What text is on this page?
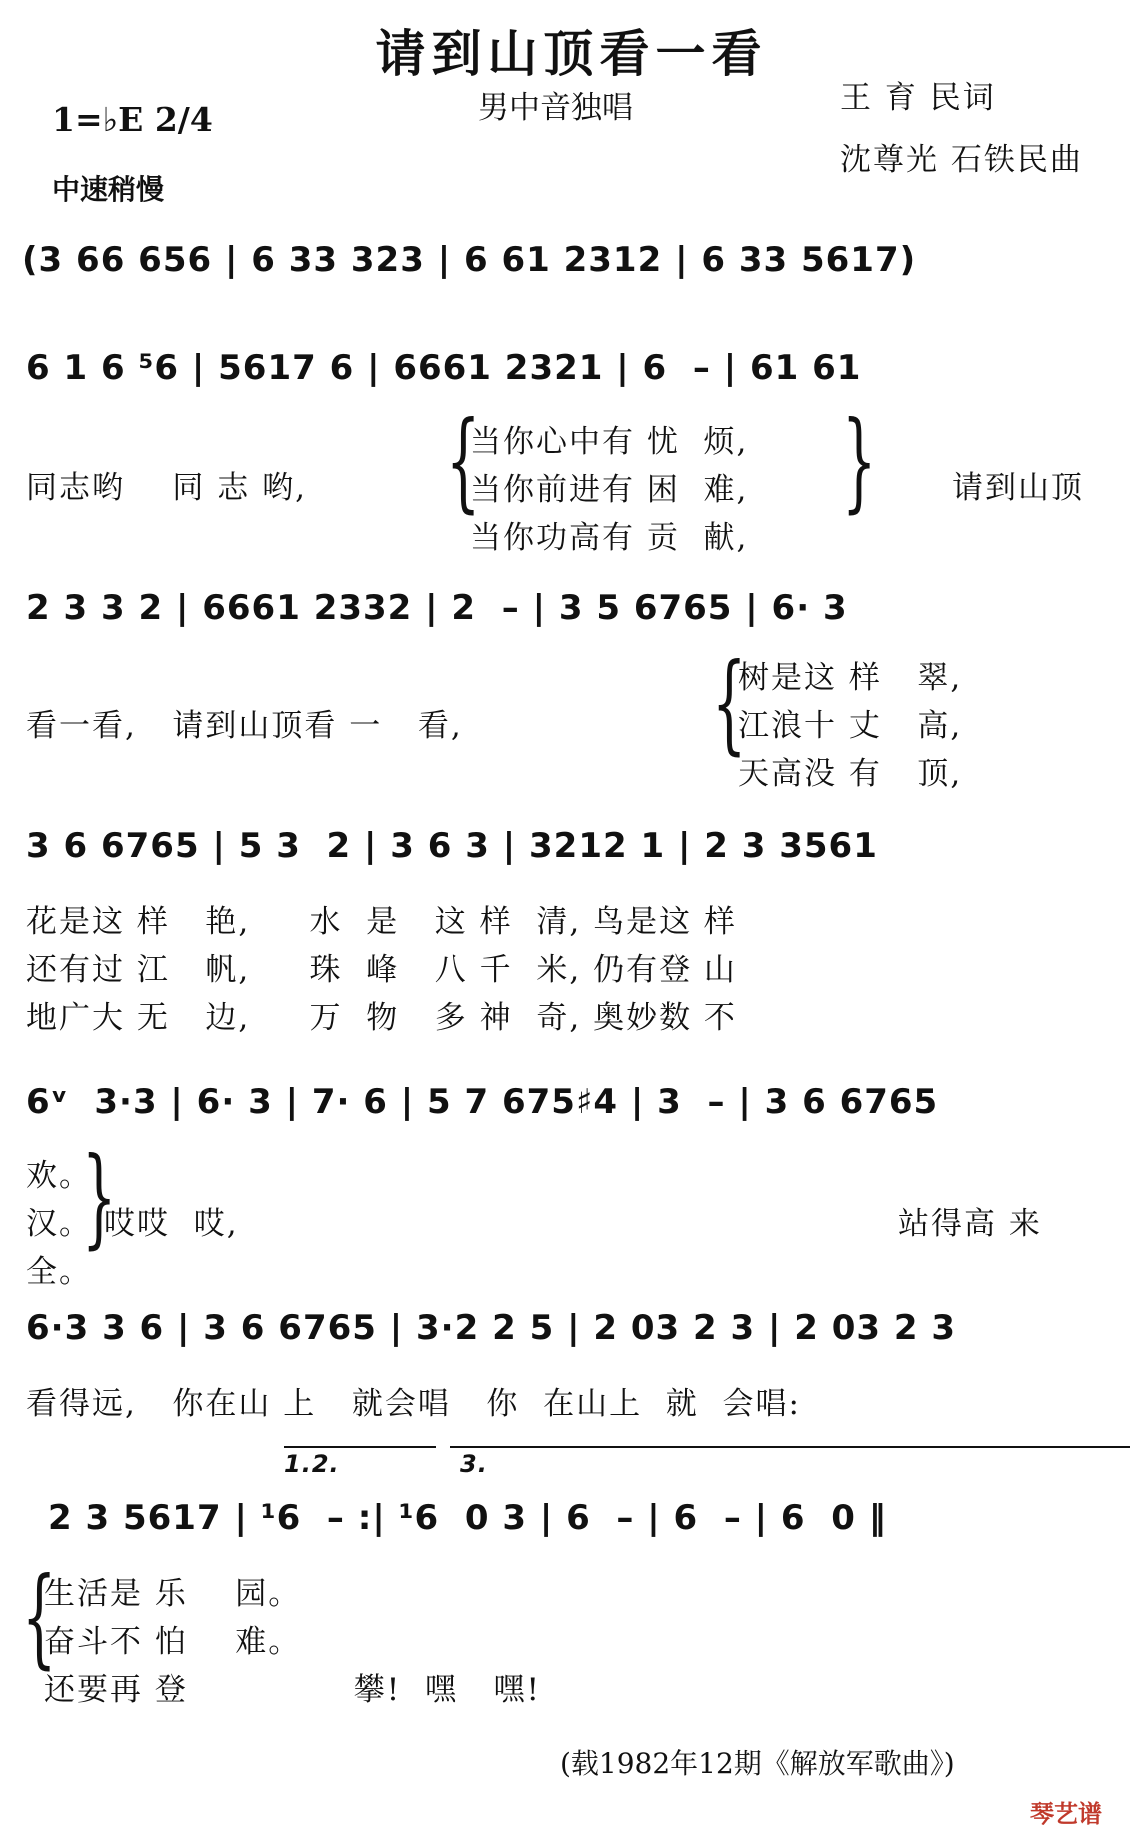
请到山顶看一看
男中音独唱	王 育 民词
沈尊光 石铁民曲
1=♭E 2/4
中速稍慢
(3 66 656 | 6 33 323 | 6 61 2312 | 6 33 5617)
6 1 6 ⁵6 | 5617 6 | 6661 2321 | 6  – | 61 61
同志哟    同 志 哟, {
当你心中有 忧  烦,
当你前进有 困  难,
当你功高有 贡  献,
} 请到山顶
2 3 3 2 | 6661 2332 | 2  – | 3 5 6765 | 6· 3
看一看,   请到山顶看 一   看, {
树是这 样   翠,
江浪十 丈   高,
天高没 有   顶,
3 6 6765 | 5 3  2 | 3 6 3 | 3212 1 | 2 3 3561
花是这 样   艳,     水  是   这 样  清, 鸟是这 样
还有过 江   帆,     珠  峰   八 千  米, 仍有登 山
地广大 无   边,     万  物   多 神  奇, 奥妙数 不
6ᵛ  3·3 | 6· 3 | 7· 6 | 5 7 675♯4 | 3  – | 3 6 6765
欢。
汉。
全。
}
哎哎  哎,	站得高 来
6·3 3 6 | 3 6 6765 | 3·2 2 5 | 2 03 2 3 | 2 03 2 3
看得远,   你在山 上   就会唱   你  在山上  就  会唱:
1.2.	3.
2 3 5617 | ¹6  – :| ¹6  0 3 | 6  – | 6  – | 6  0 ‖
{
生活是 乐    园。
奋斗不 怕    难。
还要再 登              攀!  嘿   嘿!
(载1982年12期《解放军歌曲》)
琴艺谱
